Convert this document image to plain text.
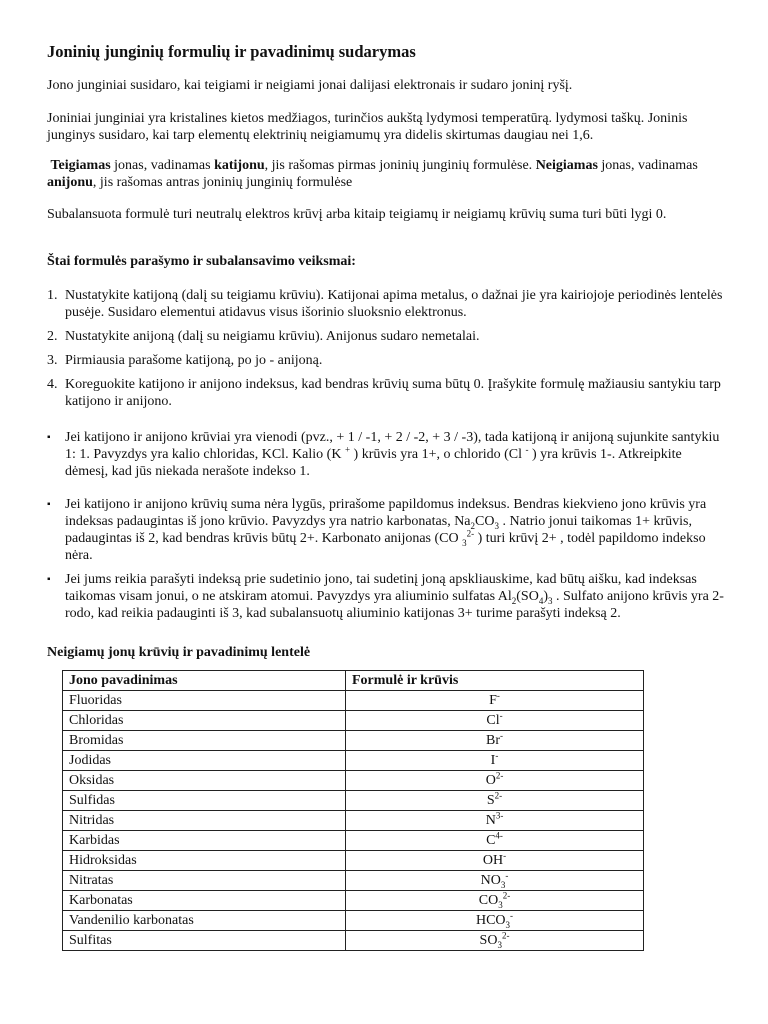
Joninių junginių formulių ir pavadinimų sudarymas
Jono junginiai susidaro, kai teigiami ir neigiami jonai dalijasi elektronais ir sudaro joninį ryšį.
Joniniai junginiai yra kristalines kietos medžiagos, turinčios aukštą lydymosi temperatūrą. lydymosi taškų. Joninis junginys susidaro, kai tarp elementų elektrinių neigiamumų yra didelis skirtumas daugiau nei 1,6.
Teigiamas jonas, vadinamas katijonu, jis rašomas pirmas joninių junginių formulėse. Neigiamas jonas, vadinamas anijonu, jis rašomas antras joninių junginių formulėse
Subalansuota formulė turi neutralų elektros krūvį arba kitaip teigiamų ir neigiamų krūvių suma turi būti lygi 0.
Štai formulės parašymo ir subalansavimo veiksmai:
1. Nustatykite katijoną (dalį su teigiamu krūviu). Katijonai apima metalus, o dažnai jie yra kairiojoje periodinės lentelės pusėje. Susidaro elementui atidavus visus išorinio sluoksnio elektronus.
2. Nustatykite anijoną (dalį su neigiamu krūviu). Anijonus sudaro nemetalai.
3. Pirmiausia parašome katijoną, po jo - anijoną.
4. Koreguokite katijono ir anijono indeksus, kad bendras krūvių suma būtų 0. Įrašykite formulę mažiausiu santykiu tarp katijono ir anijono.
▪ Jei katijono ir anijono krūviai yra vienodi (pvz., + 1 / -1, + 2 / -2, + 3 / -3), tada katijoną ir anijoną sujunkite santykiu 1: 1. Pavyzdys yra kalio chloridas, KCl. Kalio (K + ) krūvis yra 1+, o chlorido (Cl - ) yra krūvis 1-. Atkreipkite dėmesį, kad jūs niekada nerašote indekso 1.
▪ Jei katijono ir anijono krūvių suma nėra lygūs, prirašome papildomus indeksus. Bendras kiekvieno jono krūvis yra indeksas padaugintas iš jono krūvio. Pavyzdys yra natrio karbonatas, $Na_2CO_3$ . Natrio jonui taikomas 1+ krūvis, padaugintas iš 2, kad bendras krūvis būtų 2+. Karbonato anijonas (CO $_3^{2-}$ ) turi krūvį 2+ , todėl papildomo indekso nėra.
▪ Jei jums reikia parašyti indeksą prie sudetinio jono, tai sudetinį joną apskliauskime, kad būtų aišku, kad indeksas taikomas visam jonui, o ne atskiram atomui. Pavyzdys yra aliuminio sulfatas $Al_2(SO_4)_3$ . Sulfato anijono krūvis yra 2- rodo, kad reikia padauginti iš 3, kad subalansuotų aliuminio katijonas 3+ turime parašyti indeksą 2.
Neigiamų jonų krūvių ir pavadinimų lentelė
Jono pavadinimas	Formulė ir krūvis
Fluoridas	F-
Chloridas	Cl-
Bromidas	Br-
Jodidas	I-
Oksidas	$O^{2-}$
Sulfidas	$S^{2-}$
Nitridas	$N^{3-}$
Karbidas	$C^{4-}$
Hidroksidas	OH-
Nitratas	$NO_3^-$
Karbonatas	$CO_3^{2-}$
Vandenilio karbonatas	$HCO_3^-$
Sulfitas	$SO_3^{2-}$
